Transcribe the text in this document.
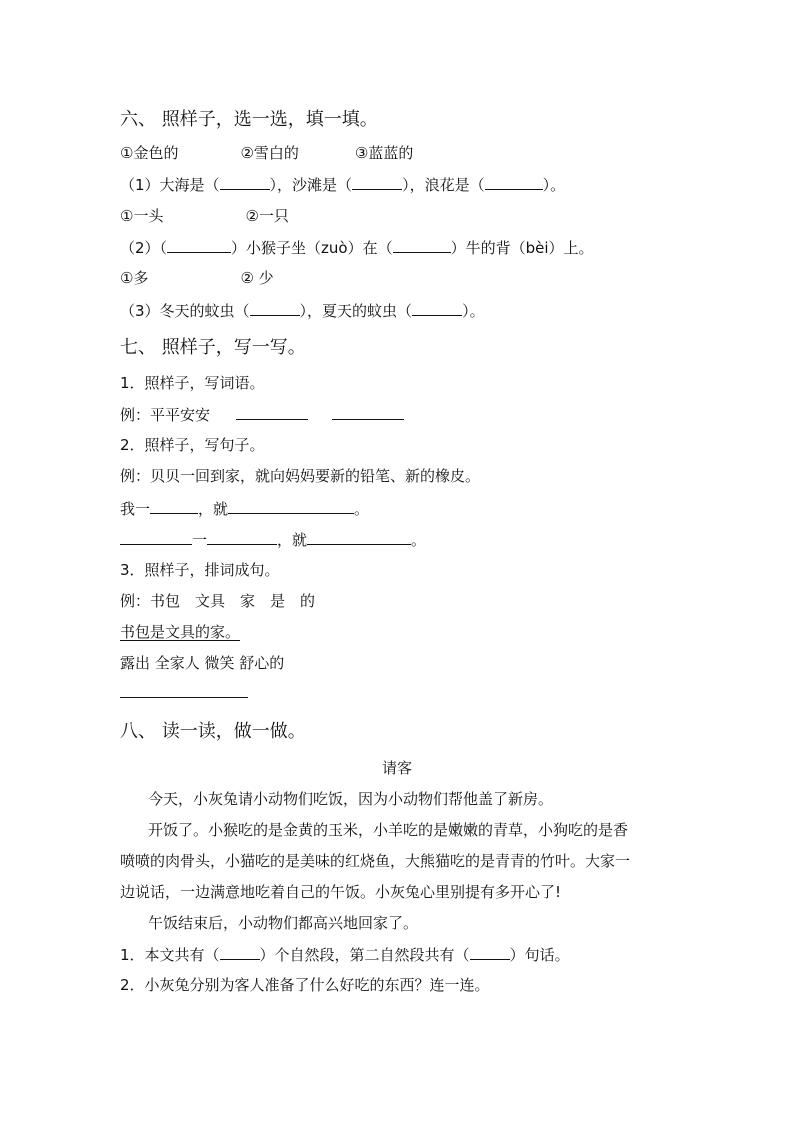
六、 照样子，选一选，填一填。
①金色的	②雪白的	③蓝蓝的
（1）大海是（	），沙滩是（	），浪花是（	）。
①一头	②一只
（2）（	）小猴子坐（zuò）在（	）牛的背（bèi）上。
①多	② 少
（3）冬天的蚊虫（	），夏天的蚊虫（	）。
七、 照样子，写一写。
1．照样子，写词语。
例：平平安安
2．照样子，写句子。
例：贝贝一回到家，就向妈妈要新的铅笔、新的橡皮。
我一	，就	。
一	，就	。
3．照样子，排词成句。
例：书包　文具　家　是　的
书包是文具的家。
露出 全家人 微笑 舒心的
八、 读一读，做一做。
请客
今天，小灰兔请小动物们吃饭，因为小动物们帮他盖了新房。
开饭了。小猴吃的是金黄的玉米，小羊吃的是嫩嫩的青草，小狗吃的是香
喷喷的肉骨头，小猫吃的是美味的红烧鱼，大熊猫吃的是青青的竹叶。大家一
边说话，一边满意地吃着自己的午饭。小灰兔心里别提有多开心了!
午饭结束后，小动物们都高兴地回家了。
1．本文共有（	）个自然段，第二自然段共有（	）句话。
2．小灰兔分别为客人准备了什么好吃的东西？连一连。
